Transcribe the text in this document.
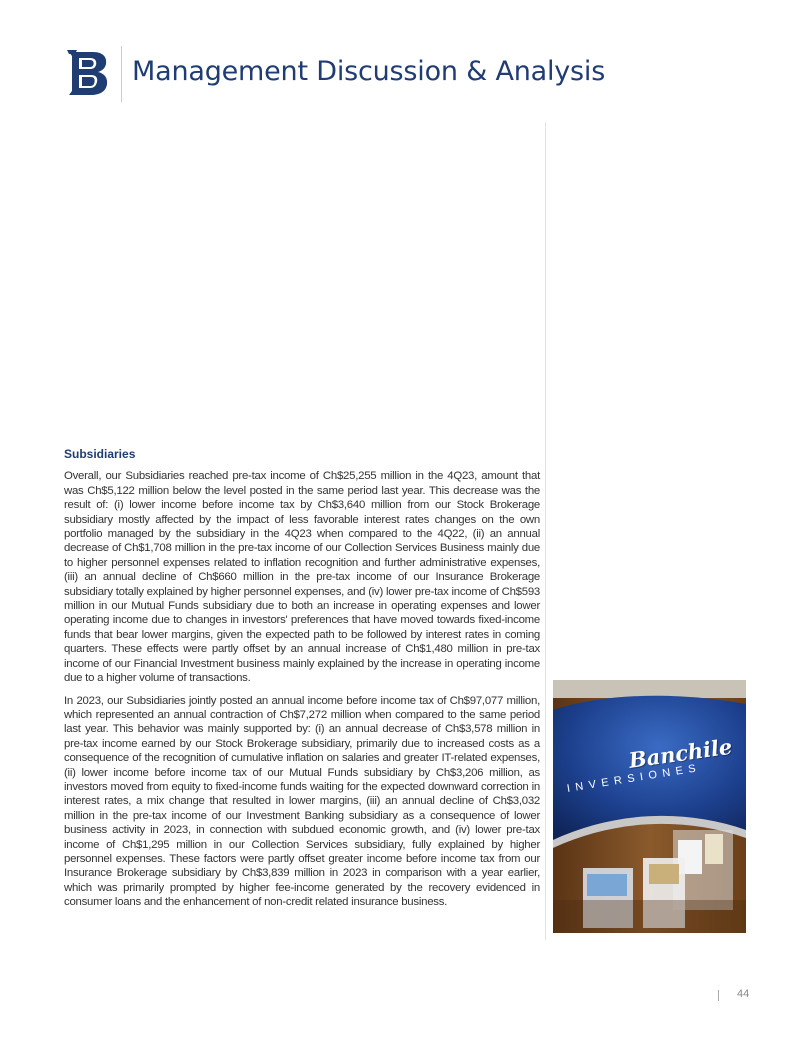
Management Discussion & Analysis
Subsidiaries

Overall, our Subsidiaries reached pre-tax income of Ch$25,255 million in the 4Q23, amount that was Ch$5,122 million below the level posted in the same period last year. This decrease was the result of: (i) lower income before income tax by Ch$3,640 million from our Stock Brokerage subsidiary mostly affected by the impact of less favorable interest rates changes on the own portfolio managed by the subsidiary in the 4Q23 when compared to the 4Q22, (ii) an annual decrease of Ch$1,708 million in the pre-tax income of our Collection Services Business mainly due to higher personnel expenses related to inflation recognition and further administrative expenses, (iii) an annual decline of Ch$660 million in the pre-tax income of our Insurance Brokerage subsidiary totally explained by higher personnel expenses, and (iv) lower pre-tax income of Ch$593 million in our Mutual Funds subsidiary due to both an increase in operating expenses and lower operating income due to changes in investors' preferences that have moved towards fixed-income funds that bear lower margins, given the expected path to be followed by interest rates in coming quarters. These effects were partly offset by an annual increase of Ch$1,480 million in pre-tax income of our Financial Investment business mainly explained by the increase in operating income due to a higher volume of transactions.

In 2023, our Subsidiaries jointly posted an annual income before income tax of Ch$97,077 million, which represented an annual contraction of Ch$7,272 million when compared to the same period last year. This behavior was mainly supported by: (i) an annual decrease of Ch$3,578 million in pre-tax income earned by our Stock Brokerage subsidiary, primarily due to increased costs as a consequence of the recognition of cumulative inflation on salaries and greater IT-related expenses, (ii) lower income before income tax of our Mutual Funds subsidiary by Ch$3,206 million, as investors moved from equity to fixed-income funds waiting for the expected downward correction in interest rates, a mix change that resulted in lower margins, (iii) an annual decline of Ch$3,032 million in the pre-tax income of our Investment Banking subsidiary as a consequence of lower business activity in 2023, in connection with subdued economic growth, and (iv) lower pre-tax income of Ch$1,295 million in our Collection Services subsidiary, fully explained by higher personnel expenses. These factors were partly offset greater income before income tax from our Insurance Brokerage subsidiary by Ch$3,839 million in 2023 in comparison with a year earlier, which was primarily prompted by higher fee-income generated by the recovery evidenced in consumer loans and the enhancement of non-credit related insurance business.

Banchile
INVERSIONES
44
